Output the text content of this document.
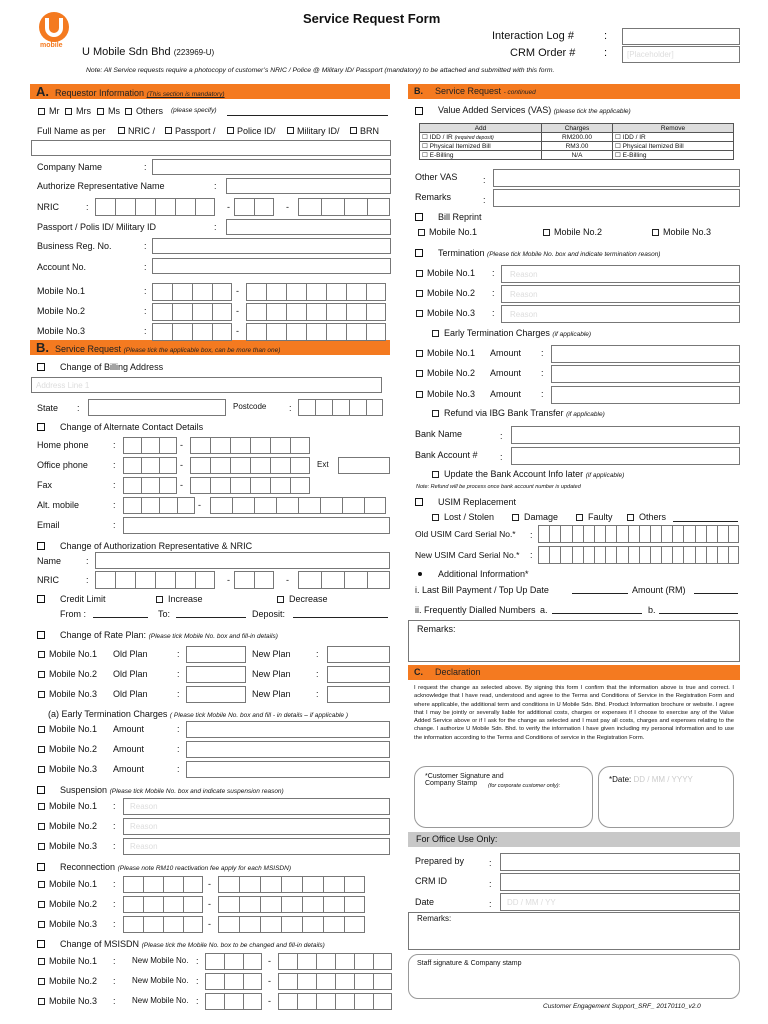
mobile
Service Request Form
U Mobile Sdn Bhd (223969-U)
Interaction Log #	:
CRM Order #	: [Placeholder]
Note: All Service requests require a photocopy of customer’s NRIC / Police @ Military ID/ Passport (mandatory) to be attached and submitted with this form.
A. Requestor Information (This section is mandatory)
Mr Mrs Ms Others (please specify)
Full Name as per NRIC / Passport / Police ID/ Military ID/ BRN
Company Name	:
Authorize Representative Name	:
NRIC	:	-	-
Passport / Polis ID/ Military ID	:
Business Reg. No.	:
Account No.	:
B. Service Request (Please tick the applicable box, can be more than one)
Change of Billing Address
Address Line 1
State :	Postcode	:
Change of Alternate Contact Details
Ext
Email	:
Change of Authorization Representative & NRIC
Name	:
NRIC	:	-	-
Credit Limit	Increase	Decrease
From :	To:	Deposit:
Change of Rate Plan: (Please tick Mobile No. box and fill-in details)
(a) Early Termination Charges ( Please tick Mobile No. box and fill - in details – if applicable )
Suspension (Please tick Mobile No. box and indicate suspension reason)
Reconnection (Please note RM10 reactivation fee apply for each MSISDN)
Change of MSISDN (Please tick the Mobile No. box to be changed and fill-in details)
B. Service Request - continued
Value Added Services (VAS) (please tick the applicable)
Add	Charges	Remove
☐ IDD / IR (required deposit)	RM200.00	☐ IDD / IR
☐ Physical Itemized Bill	RM3.00	☐ Physical Itemized Bill
☐ E-Billing	N/A	☐ E-Billing
Other VAS	:
Remarks	:
Bill Reprint
Mobile No.1	Mobile No.2	Mobile No.3
Termination (Please tick Mobile No. box and indicate termination reason)
Early Termination Charges (if applicable)
Refund via IBG Bank Transfer (if applicable)
Bank Name	:
Bank Account # :
Update the Bank Account Info later (if applicable)
Note: Refund will be process once bank account number is updated
USIM Replacement
Lost / Stolen	Damage	Faulty	Others
Old USIM Card Serial No.* :
New USIM Card Serial No.* :
Additional Information*
i. Last Bill Payment / Top Up Date	Amount (RM)
ii. Frequently Dialled Numbers a.	b.
Remarks:
C. Declaration
I request the change as selected above. By signing this form I confirm that the information above is true and correct. I acknowledge that I have read, understood and agree to the Terms and Conditions of Service in the Registration Form and where applicable, the additional term and conditions in U Mobile Sdn. Bhd. Product Information brochure or website. I agree that I may be jointly or severally liable for additional costs, charges or expenses if I choose to exercise any of the Value Added Service above or if I ask for the change as selected and I must pay all costs, charges and expenses relating to the change. I authorize U Mobile Sdn. Bhd. to verify the information I have given including my personal information and to use the information according to the Terms and Conditions of service in the Registration Form.
*Customer Signature and Company Stamp	(for corporate customer only):
*Date: DD / MM / YYYY
For Office Use Only:
Prepared by	:
CRM ID	:
Date	: DD / MM / YY
Remarks:
Staff signature & Company stamp
Customer Engagement Support_SRF_ 20170110_v2.0
Mobile No.1	:	-
Mobile No.2	:	-
Mobile No.3	:	-
Home phone	:	-
Office phone	:	-
Fax	:	-
Alt. mobile	:	-
Mobile No.1 Old Plan	:	New Plan	:
Mobile No.2 Old Plan	:	New Plan	:
Mobile No.3 Old Plan	:	New Plan	:
Mobile No.1 Amount	:
Mobile No.2 Amount	:
Mobile No.3 Amount	:
Mobile No.1 : Reason
Mobile No.2 : Reason
Mobile No.3 : Reason
Mobile No.1 :	-
Mobile No.2 :	-
Mobile No.3 :	-
Mobile No.1 : New Mobile No. :	-
Mobile No.2 : New Mobile No. :	-
Mobile No.3 : New Mobile No. :	-
Mobile No.1 : Reason
Mobile No.2 : Reason
Mobile No.3 : Reason
Mobile No.1 Amount :
Mobile No.2 Amount :
Mobile No.3 Amount :
